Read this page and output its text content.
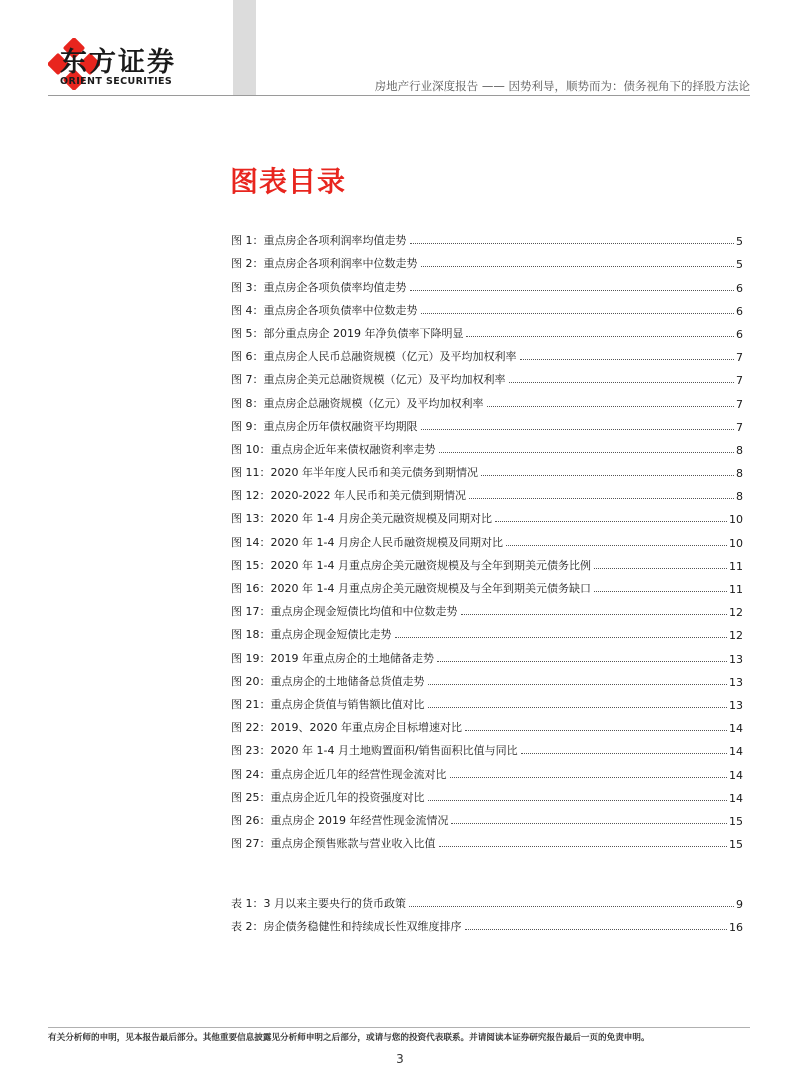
东方证券
ORIENT SECURITIES	房地产行业深度报告 —— 因势利导，顺势而为：债务视角下的择股方法论
图表目录
图 1：重点房企各项利润率均值走势	5
图 2：重点房企各项利润率中位数走势	5
图 3：重点房企各项负债率均值走势	6
图 4：重点房企各项负债率中位数走势	6
图 5：部分重点房企 2019 年净负债率下降明显	6
图 6：重点房企人民币总融资规模（亿元）及平均加权利率	7
图 7：重点房企美元总融资规模（亿元）及平均加权利率	7
图 8：重点房企总融资规模（亿元）及平均加权利率	7
图 9：重点房企历年债权融资平均期限	7
图 10：重点房企近年来债权融资利率走势	8
图 11：2020 年半年度人民币和美元债务到期情况	8
图 12：2020-2022 年人民币和美元债到期情况	8
图 13：2020 年 1-4 月房企美元融资规模及同期对比	10
图 14：2020 年 1-4 月房企人民币融资规模及同期对比	10
图 15：2020 年 1-4 月重点房企美元融资规模及与全年到期美元债务比例	11
图 16：2020 年 1-4 月重点房企美元融资规模及与全年到期美元债务缺口	11
图 17：重点房企现金短债比均值和中位数走势	12
图 18：重点房企现金短债比走势	12
图 19：2019 年重点房企的土地储备走势	13
图 20：重点房企的土地储备总货值走势	13
图 21：重点房企货值与销售额比值对比	13
图 22：2019、2020 年重点房企目标增速对比	14
图 23：2020 年 1-4 月土地购置面积/销售面积比值与同比	14
图 24：重点房企近几年的经营性现金流对比	14
图 25：重点房企近几年的投资强度对比	14
图 26：重点房企 2019 年经营性现金流情况	15
图 27：重点房企预售账款与营业收入比值	15
表 1：3 月以来主要央行的货币政策	9
表 2：房企债务稳健性和持续成长性双维度排序	16
有关分析师的申明，见本报告最后部分。其他重要信息披露见分析师申明之后部分，或请与您的投资代表联系。并请阅读本证券研究报告最后一页的免责申明。
3
